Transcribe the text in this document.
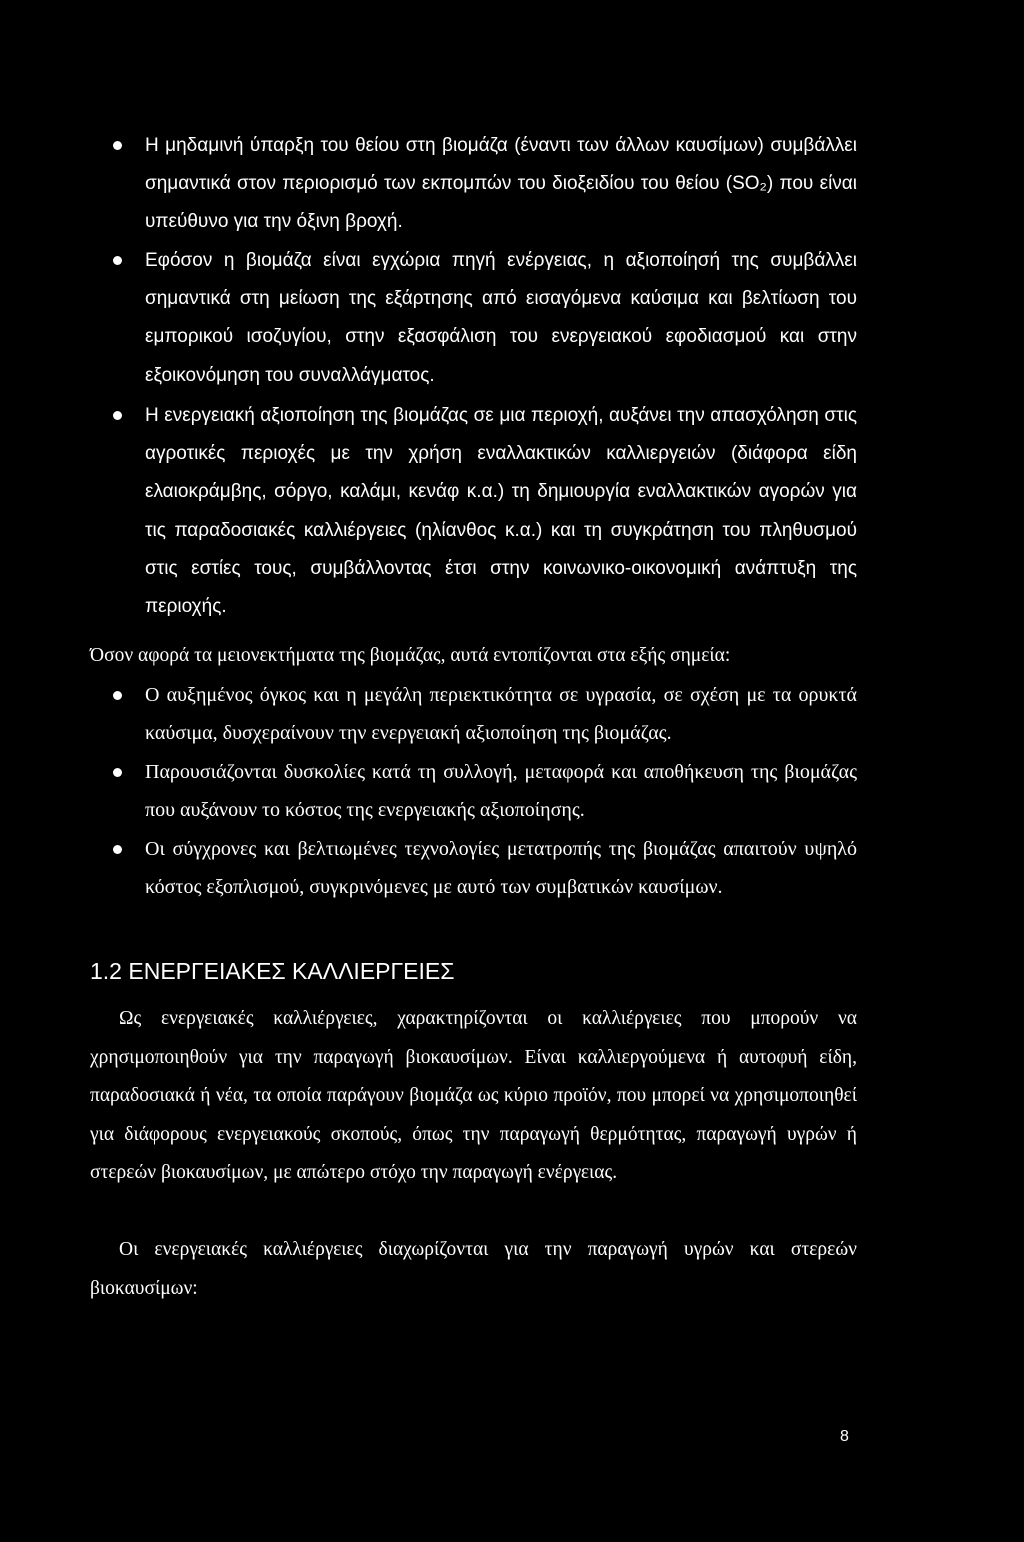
Η μηδαμινή ύπαρξη του θείου στη βιομάζα (έναντι των άλλων καυσίμων) συμβάλλει σημαντικά στον περιορισμό των εκπομπών του διοξειδίου του θείου (SO₂) που είναι υπεύθυνο για την όξινη βροχή.
Εφόσον η βιομάζα είναι εγχώρια πηγή ενέργειας, η αξιοποίησή της συμβάλλει σημαντικά στη μείωση της εξάρτησης από εισαγόμενα καύσιμα και βελτίωση του εμπορικού ισοζυγίου, στην εξασφάλιση του ενεργειακού εφοδιασμού και στην εξοικονόμηση του συναλλάγματος.
Η ενεργειακή αξιοποίηση της βιομάζας σε μια περιοχή, αυξάνει την απασχόληση στις αγροτικές περιοχές με την χρήση εναλλακτικών καλλιεργειών (διάφορα είδη ελαιοκράμβης, σόργο, καλάμι, κενάφ κ.α.) τη δημιουργία εναλλακτικών αγορών για τις παραδοσιακές καλλιέργειες (ηλίανθος κ.α.) και τη συγκράτηση του πληθυσμού στις εστίες τους, συμβάλλοντας έτσι στην κοινωνικο-οικονομική ανάπτυξη της περιοχής.

Όσον αφορά τα μειονεκτήματα της βιομάζας, αυτά εντοπίζονται στα εξής σημεία:

Ο αυξημένος όγκος και η μεγάλη περιεκτικότητα σε υγρασία, σε σχέση με τα ορυκτά καύσιμα, δυσχεραίνουν την ενεργειακή αξιοποίηση της βιομάζας.
Παρουσιάζονται δυσκολίες κατά τη συλλογή, μεταφορά και αποθήκευση της βιομάζας που αυξάνουν το κόστος της ενεργειακής αξιοποίησης.
Οι σύγχρονες και βελτιωμένες τεχνολογίες μετατροπής της βιομάζας απαιτούν υψηλό κόστος εξοπλισμού, συγκρινόμενες με αυτό των συμβατικών καυσίμων.
1.2 ΕΝΕΡΓΕΙΑΚΕΣ ΚΑΛΛΙΕΡΓΕΙΕΣ

Ως ενεργειακές καλλιέργειες, χαρακτηρίζονται οι καλλιέργειες που μπορούν να χρησιμοποιηθούν για την παραγωγή βιοκαυσίμων. Είναι καλλιεργούμενα ή αυτοφυή είδη, παραδοσιακά ή νέα, τα οποία παράγουν βιομάζα ως κύριο προϊόν, που μπορεί να χρησιμοποιηθεί για διάφορους ενεργειακούς σκοπούς, όπως την παραγωγή θερμότητας, παραγωγή υγρών ή στερεών βιοκαυσίμων, με απώτερο στόχο την παραγωγή ενέργειας.

Οι ενεργειακές καλλιέργειες διαχωρίζονται για την παραγωγή υγρών και στερεών βιοκαυσίμων:

8
